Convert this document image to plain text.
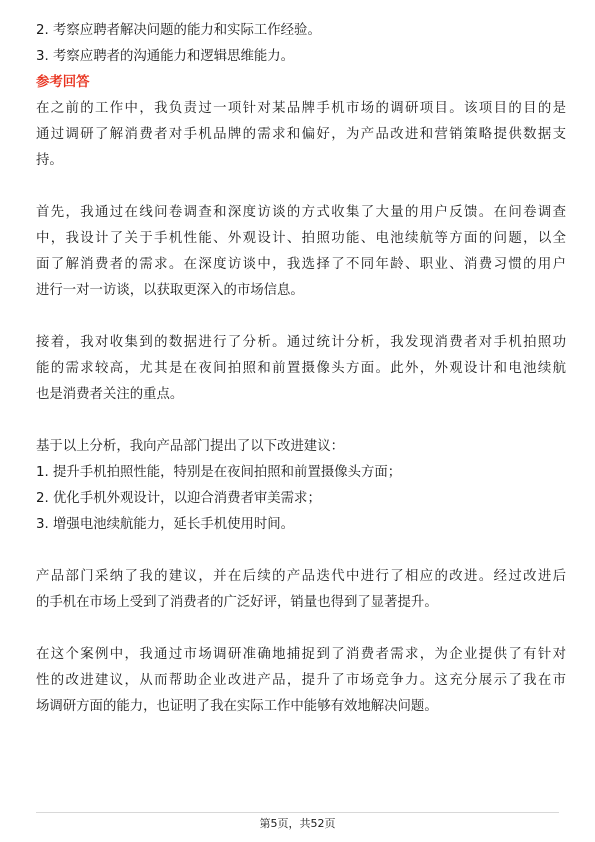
2. 考察应聘者解决问题的能力和实际工作经验。
3. 考察应聘者的沟通能力和逻辑思维能力。
参考回答
在之前的工作中，我负责过一项针对某品牌手机市场的调研项目。该项目的目的是
通过调研了解消费者对手机品牌的需求和偏好，为产品改进和营销策略提供数据支
持。
首先，我通过在线问卷调查和深度访谈的方式收集了大量的用户反馈。在问卷调查
中，我设计了关于手机性能、外观设计、拍照功能、电池续航等方面的问题，以全
面了解消费者的需求。在深度访谈中，我选择了不同年龄、职业、消费习惯的用户
进行一对一访谈，以获取更深入的市场信息。
接着，我对收集到的数据进行了分析。通过统计分析，我发现消费者对手机拍照功
能的需求较高，尤其是在夜间拍照和前置摄像头方面。此外，外观设计和电池续航
也是消费者关注的重点。
基于以上分析，我向产品部门提出了以下改进建议：
1. 提升手机拍照性能，特别是在夜间拍照和前置摄像头方面；
2. 优化手机外观设计，以迎合消费者审美需求；
3. 增强电池续航能力，延长手机使用时间。
产品部门采纳了我的建议，并在后续的产品迭代中进行了相应的改进。经过改进后
的手机在市场上受到了消费者的广泛好评，销量也得到了显著提升。
在这个案例中，我通过市场调研准确地捕捉到了消费者需求，为企业提供了有针对
性的改进建议，从而帮助企业改进产品，提升了市场竞争力。这充分展示了我在市
场调研方面的能力，也证明了我在实际工作中能够有效地解决问题。
第5页，共52页
